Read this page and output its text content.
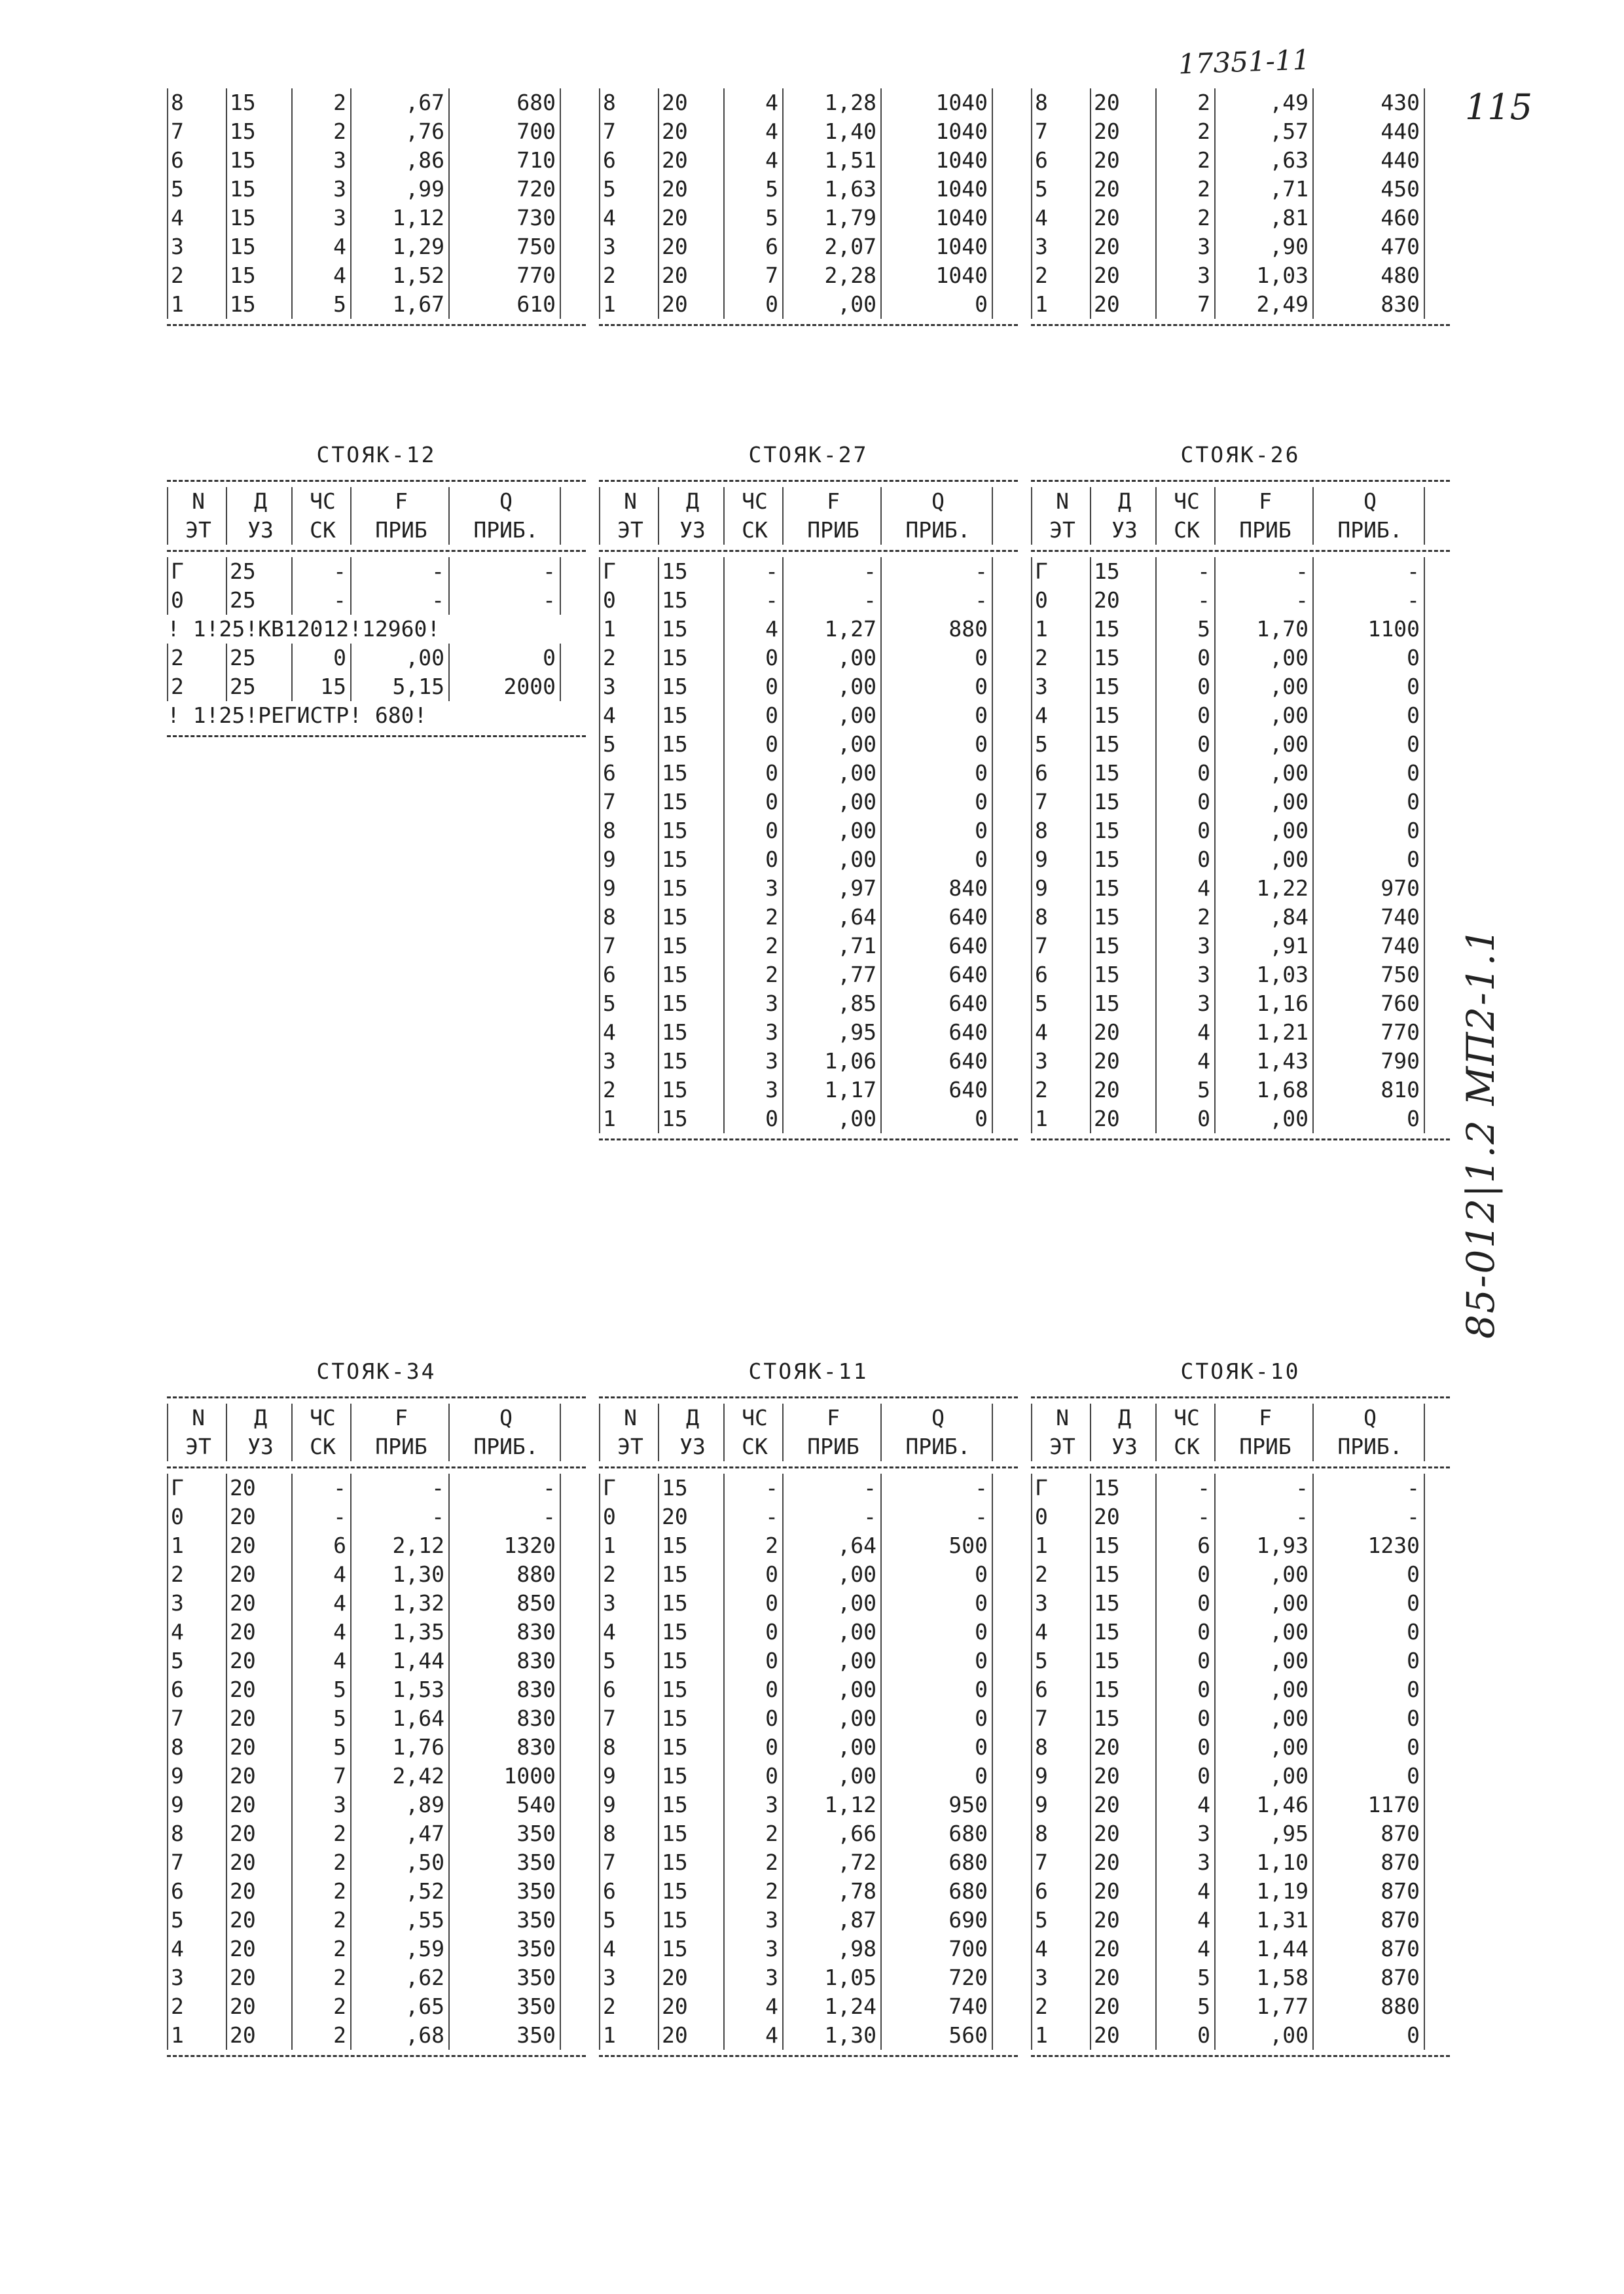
17351-11
115
85-012|1.2 МП2-1.1
8	15	2	,67	680
7	15	2	,76	700
6	15	3	,86	710
5	15	3	,99	720
4	15	3	1,12	730
3	15	4	1,29	750
2	15	4	1,52	770
1	15	5	1,67	610
8	20	4	1,28	1040
7	20	4	1,40	1040
6	20	4	1,51	1040
5	20	5	1,63	1040
4	20	5	1,79	1040
3	20	6	2,07	1040
2	20	7	2,28	1040
1	20	0	,00	0
8	20	2	,49	430
7	20	2	,57	440
6	20	2	,63	440
5	20	2	,71	450
4	20	2	,81	460
3	20	3	,90	470
2	20	3	1,03	480
1	20	7	2,49	830
СТОЯК-12
N	Д	ЧС	F	Q
ЭТ	УЗ	СК	ПРИБ	ПРИБ.
Г	25	-	-	-
0	25	-	-	-
! 1!25!КВ12012!12960!
2	25	0	,00	0
2	25	15	5,15	2000
! 1!25!РЕГИСТР! 680!
СТОЯК-27
N	Д	ЧС	F	Q
ЭТ	УЗ	СК	ПРИБ	ПРИБ.
Г	15	-	-	-
0	15	-	-	-
1	15	4	1,27	880
2	15	0	,00	0
3	15	0	,00	0
4	15	0	,00	0
5	15	0	,00	0
6	15	0	,00	0
7	15	0	,00	0
8	15	0	,00	0
9	15	0	,00	0
9	15	3	,97	840
8	15	2	,64	640
7	15	2	,71	640
6	15	2	,77	640
5	15	3	,85	640
4	15	3	,95	640
3	15	3	1,06	640
2	15	3	1,17	640
1	15	0	,00	0
СТОЯК-26
N	Д	ЧС	F	Q
ЭТ	УЗ	СК	ПРИБ	ПРИБ.
Г	15	-	-	-
0	20	-	-	-
1	15	5	1,70	1100
2	15	0	,00	0
3	15	0	,00	0
4	15	0	,00	0
5	15	0	,00	0
6	15	0	,00	0
7	15	0	,00	0
8	15	0	,00	0
9	15	0	,00	0
9	15	4	1,22	970
8	15	2	,84	740
7	15	3	,91	740
6	15	3	1,03	750
5	15	3	1,16	760
4	20	4	1,21	770
3	20	4	1,43	790
2	20	5	1,68	810
1	20	0	,00	0
СТОЯК-34
N	Д	ЧС	F	Q
ЭТ	УЗ	СК	ПРИБ	ПРИБ.
Г	20	-	-	-
0	20	-	-	-
1	20	6	2,12	1320
2	20	4	1,30	880
3	20	4	1,32	850
4	20	4	1,35	830
5	20	4	1,44	830
6	20	5	1,53	830
7	20	5	1,64	830
8	20	5	1,76	830
9	20	7	2,42	1000
9	20	3	,89	540
8	20	2	,47	350
7	20	2	,50	350
6	20	2	,52	350
5	20	2	,55	350
4	20	2	,59	350
3	20	2	,62	350
2	20	2	,65	350
1	20	2	,68	350
СТОЯК-11
N	Д	ЧС	F	Q
ЭТ	УЗ	СК	ПРИБ	ПРИБ.
Г	15	-	-	-
0	20	-	-	-
1	15	2	,64	500
2	15	0	,00	0
3	15	0	,00	0
4	15	0	,00	0
5	15	0	,00	0
6	15	0	,00	0
7	15	0	,00	0
8	15	0	,00	0
9	15	0	,00	0
9	15	3	1,12	950
8	15	2	,66	680
7	15	2	,72	680
6	15	2	,78	680
5	15	3	,87	690
4	15	3	,98	700
3	20	3	1,05	720
2	20	4	1,24	740
1	20	4	1,30	560
СТОЯК-10
N	Д	ЧС	F	Q
ЭТ	УЗ	СК	ПРИБ	ПРИБ.
Г	15	-	-	-
0	20	-	-	-
1	15	6	1,93	1230
2	15	0	,00	0
3	15	0	,00	0
4	15	0	,00	0
5	15	0	,00	0
6	15	0	,00	0
7	15	0	,00	0
8	20	0	,00	0
9	20	0	,00	0
9	20	4	1,46	1170
8	20	3	,95	870
7	20	3	1,10	870
6	20	4	1,19	870
5	20	4	1,31	870
4	20	4	1,44	870
3	20	5	1,58	870
2	20	5	1,77	880
1	20	0	,00	0
